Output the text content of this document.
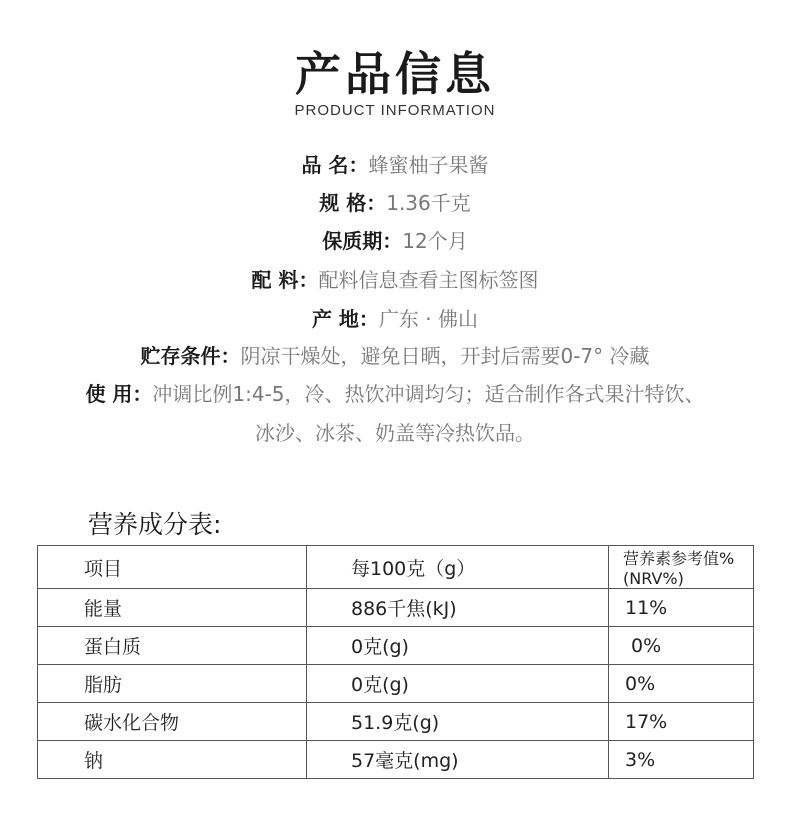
产品信息
PRODUCT INFORMATION
品 名：蜂蜜柚子果酱
规 格：1.36千克
保质期：12个月
配 料：配料信息查看主图标签图
产 地：广东 · 佛山
贮存条件：阴凉干燥处，避免日晒，开封后需要0-7° 冷藏
使 用：冲调比例1:4-5，冷、热饮冲调均匀；适合制作各式果汁特饮、
冰沙、冰茶、奶盖等冷热饮品。
营养成分表:
项目	每100克（g）	营养素参考值%(NRV%)
能量	886千焦(kJ)	11%
蛋白质	0克(g)	0%
脂肪	0克(g)	0%
碳水化合物	51.9克(g)	17%
钠	57毫克(mg)	3%
